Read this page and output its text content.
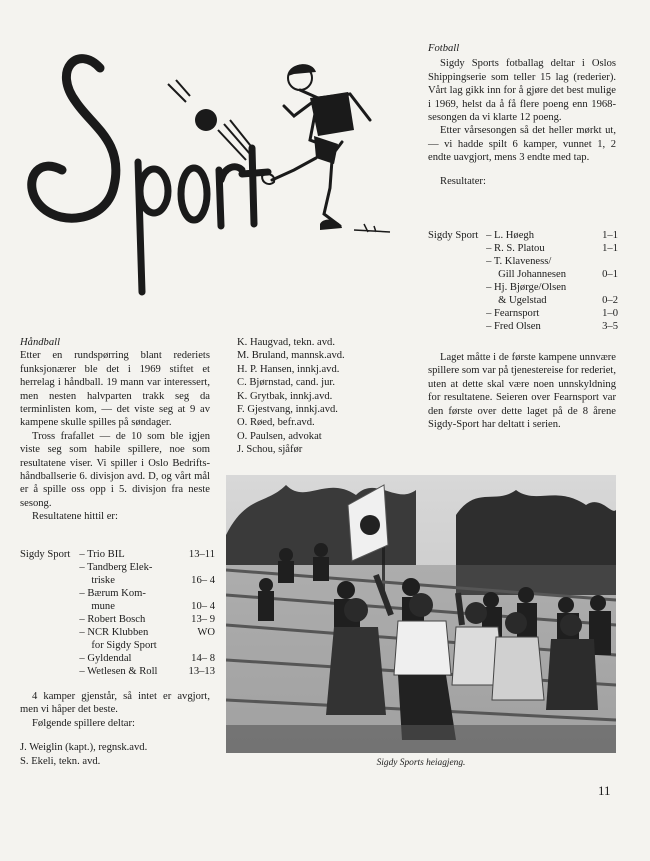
Fotball

Sigdy Sports fotballag deltar i Oslos Shippingserie som teller 15 lag (rederier). Vårt lag gikk inn for å gjøre det best mulige i 1969, helst da å få flere poeng enn 1968-sesongen da vi klarte 12 poeng.

Etter vårsesongen så det heller mørkt ut, — vi hadde spilt 6 kamper, vunnet 1, 2 endte uavgjort, mens 3 endte med tap.

Resultater:

Sigdy Sport	– L. Høegh	1–1
	– R. S. Platou	1–1
	– T. Klaveness/	
	Gill Johannesen	0–1
	– Hj. Bjørge/Olsen	
	& Ugelstad	0–2
	– Fearnsport	1–0
	– Fred Olsen	3–5

Laget måtte i de første kampene unnvære spillere som var på tjenestereise for rederiet, uten at dette skal være noen unnskyldning for resultatene. Seieren over Fearnsport var den første over dette laget på de 8 årene Sigdy-Sport har deltatt i serien.

Håndball

Etter en rundspørring blant rederiets funksjonærer ble det i 1969 stiftet et herrelag i håndball. 19 mann var interessert, men nesten halvparten trakk seg da terminlisten kom, — det viste seg at 9 av kampene skulle spilles på søndager.

Tross frafallet — de 10 som ble igjen viste seg som habile spillere, noe som resultatene viser. Vi spiller i Oslo Bedrifts-håndballserie 6. divisjon avd. D, og vårt mål er å spille oss opp i 5. divisjon fra neste sesong.

Resultatene hittil er:

Sigdy Sport	– Trio BIL	13–11
	– Tandberg Elek-	
	triske	16– 4
	– Bærum Kom-	
	mune	10– 4
	– Robert Bosch	13– 9
	– NCR Klubben	WO
	for Sigdy Sport	
	– Gyldendal	14– 8
	– Wetlesen & Roll	13–13

4 kamper gjenstår, så intet er avgjort, men vi håper det beste.

Følgende spillere deltar:

J. Weiglin (kapt.), regnsk.avd.

S. Ekeli, tekn. avd.

K. Haugvad, tekn. avd.

M. Bruland, mannsk.avd.

H. P. Hansen, innkj.avd.

C. Bjørnstad, cand. jur.

K. Grytbak, innkj.avd.

F. Gjestvang, innkj.avd.

O. Røed, befr.avd.

O. Paulsen, advokat

J. Schou, sjåfør

Sigdy Sports heiagjeng.

11
